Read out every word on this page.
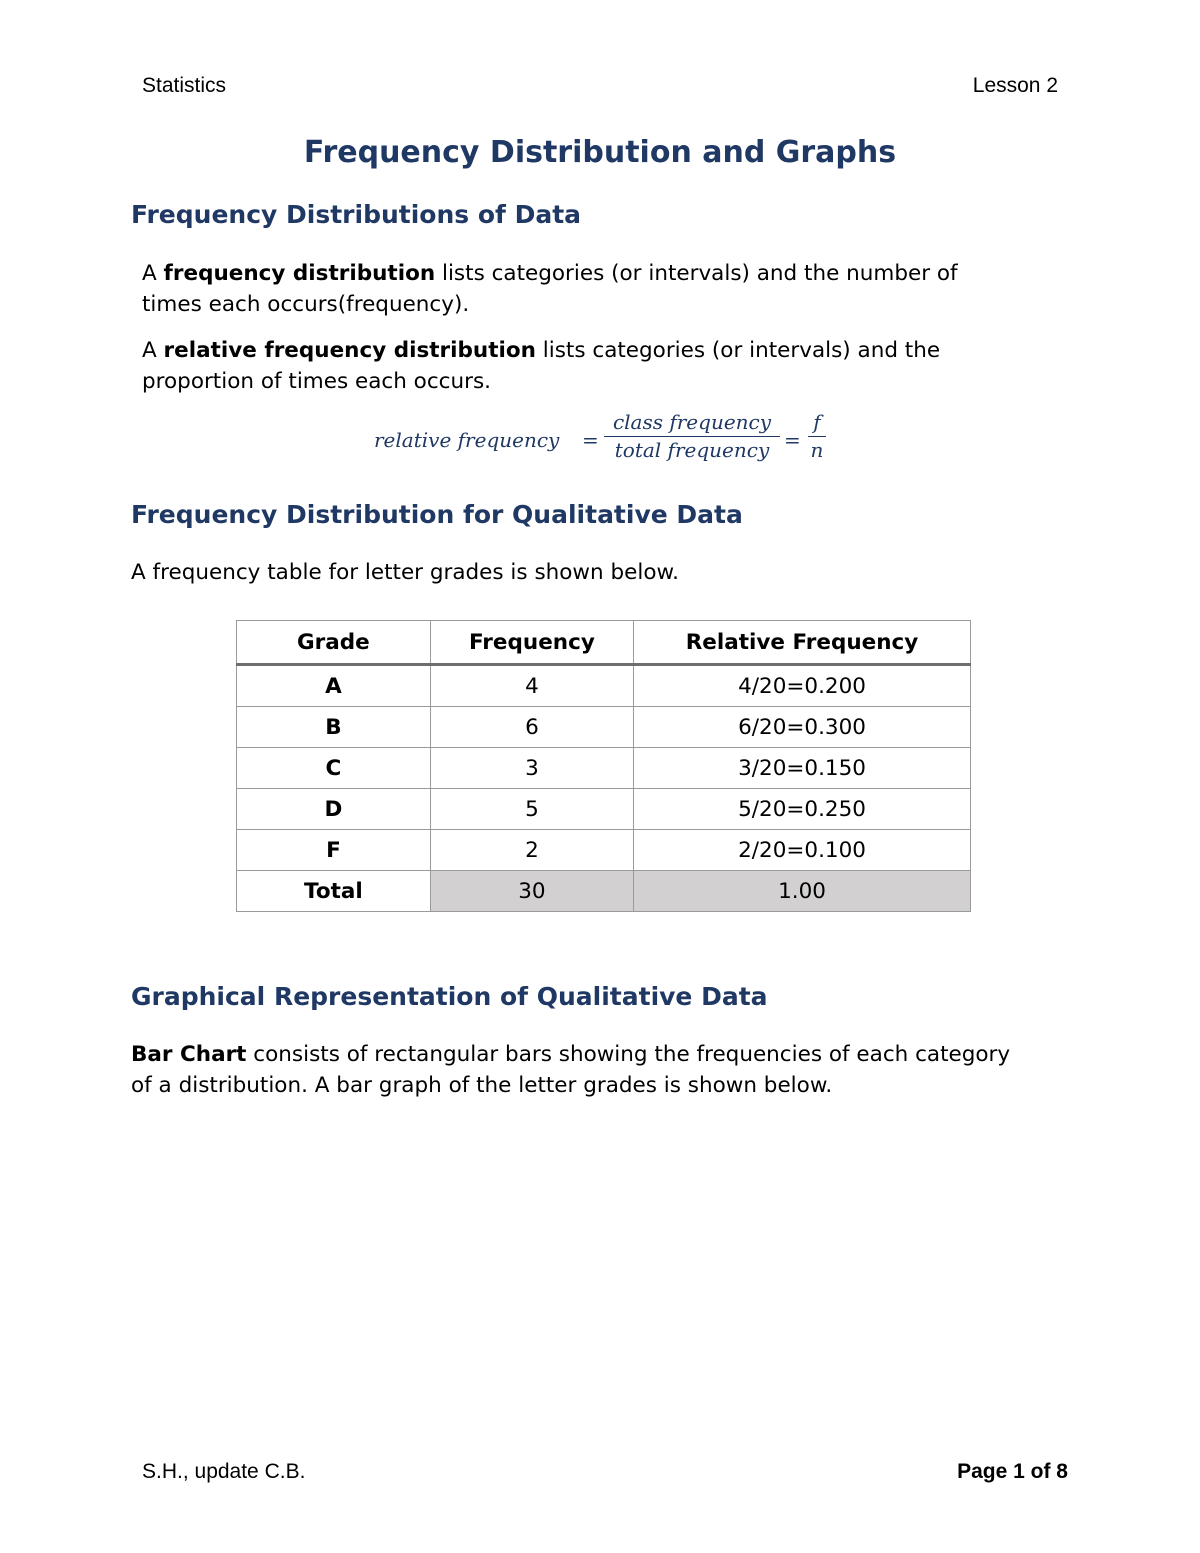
Statistics	Lesson 2
Frequency Distribution and Graphs
Frequency Distributions of Data
A frequency distribution lists categories (or intervals) and the number of times each occurs(frequency).
A relative frequency distribution lists categories (or intervals) and the proportion of times each occurs.
relative frequency =
class frequency
total frequency =
f
n
Frequency Distribution for Qualitative Data
A frequency table for letter grades is shown below.
Grade	Frequency	Relative Frequency
A	4	4/20=0.200
B	6	6/20=0.300
C	3	3/20=0.150
D	5	5/20=0.250
F	2	2/20=0.100
Total	30	1.00
Graphical Representation of Qualitative Data
Bar Chart consists of rectangular bars showing the frequencies of each category of a distribution. A bar graph of the letter grades is shown below.
S.H., update C.B.	Page 1 of 8
